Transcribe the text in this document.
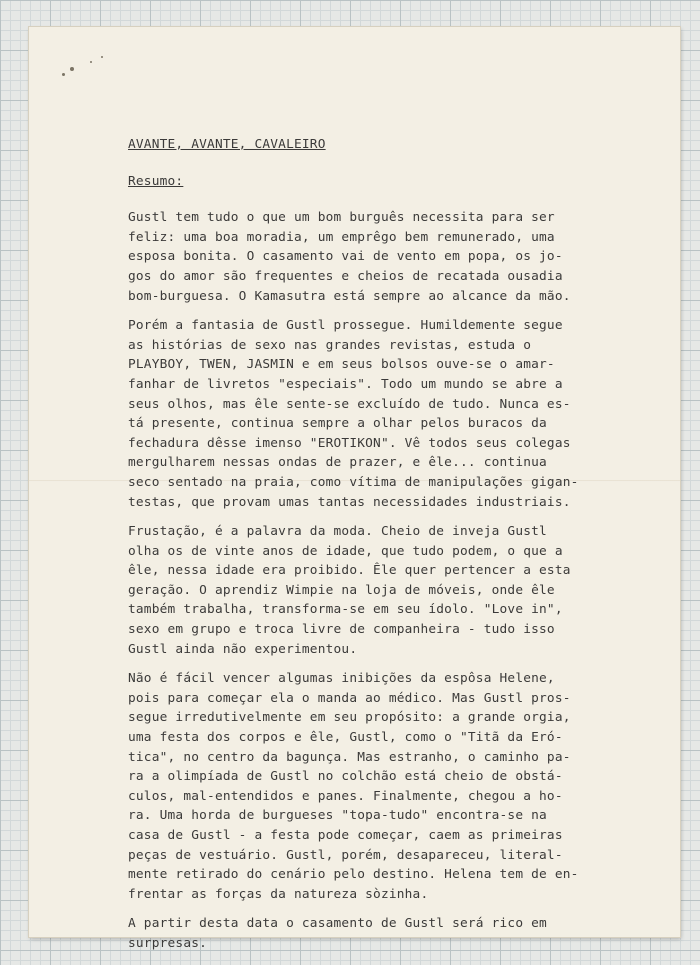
AVANTE, AVANTE, CAVALEIRO

Resumo:

Gustl tem tudo o que um bom burguês necessita para ser
feliz: uma boa moradia, um emprêgo bem remunerado, uma
esposa bonita. O casamento vai de vento em popa, os jo-
gos do amor são frequentes e cheios de recatada ousadia
bom-burguesa. O Kamasutra está sempre ao alcance da mão.

Porém a fantasia de Gustl prossegue. Humildemente segue
as histórias de sexo nas grandes revistas, estuda o
PLAYBOY, TWEN, JASMIN e em seus bolsos ouve-se o amar-
fanhar de livretos "especiais". Todo um mundo se abre a
seus olhos, mas êle sente-se excluído de tudo. Nunca es-
tá presente, continua sempre a olhar pelos buracos da
fechadura dêsse imenso "EROTIKON". Vê todos seus colegas
mergulharem nessas ondas de prazer, e êle... continua
seco sentado na praia, como vítima de manipulações gigan-
testas, que provam umas tantas necessidades industriais.

Frustação, é a palavra da moda. Cheio de inveja Gustl
olha os de vinte anos de idade, que tudo podem, o que a
êle, nessa idade era proibido. Êle quer pertencer a esta
geração. O aprendiz Wimpie na loja de móveis, onde êle
também trabalha, transforma-se em seu ídolo. "Love in",
sexo em grupo e troca livre de companheira - tudo isso
Gustl ainda não experimentou.

Não é fácil vencer algumas inibições da espôsa Helene,
pois para começar ela o manda ao médico. Mas Gustl pros-
segue irredutivelmente em seu propósito: a grande orgia,
uma festa dos corpos e êle, Gustl, como o "Titã da Eró-
tica", no centro da bagunça. Mas estranho, o caminho pa-
ra a olimpíada de Gustl no colchão está cheio de obstá-
culos, mal-entendidos e panes. Finalmente, chegou a ho-
ra. Uma horda de burgueses "topa-tudo" encontra-se na
casa de Gustl - a festa pode começar, caem as primeiras
peças de vestuário. Gustl, porém, desapareceu, literal-
mente retirado do cenário pelo destino. Helena tem de en-
frentar as forças da natureza sòzinha.

A partir desta data o casamento de Gustl será rico em
surpresas.
